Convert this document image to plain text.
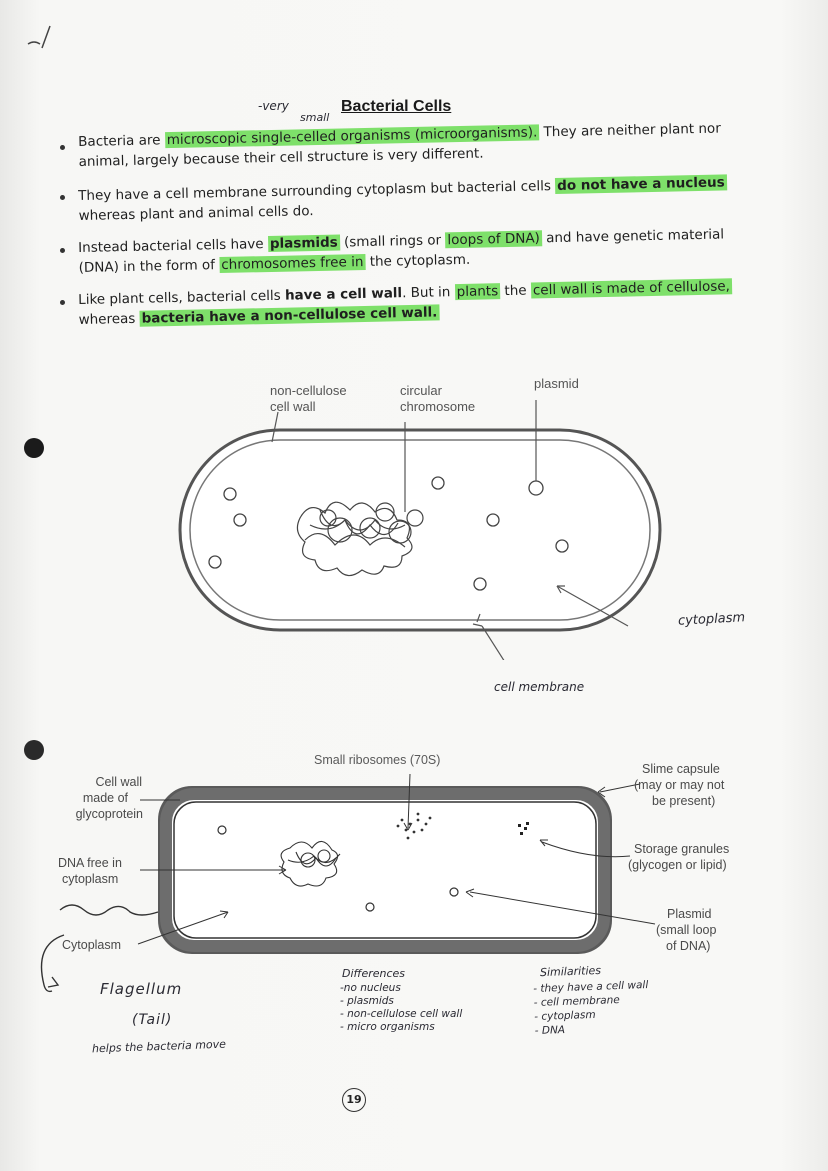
-very
small
Bacterial Cells
Bacteria are microscopic single-celled organisms (microorganisms). They are neither plant nor animal, largely because their cell structure is very different.
They have a cell membrane surrounding cytoplasm but bacterial cells do not have a nucleus whereas plant and animal cells do.
Instead bacterial cells have plasmids (small rings or loops of DNA) and have genetic material (DNA) in the form of chromosomes free in the cytoplasm.
Like plant cells, bacterial cells have a cell wall. But in plants the cell wall is made of cellulose, whereas bacteria have a non-cellulose cell wall.
non-cellulose
cell wall
circular
chromosome
plasmid
cytoplasm
cell membrane
Small ribosomes (70S)
Cell wall
made of
glycoprotein
DNA free in
cytoplasm
Cytoplasm
Slime capsule
(may or may not
be present)
Storage granules
(glycogen or lipid)
Plasmid
(small loop
of DNA)
Flagellum
(Tail)
helps the bacteria move
Differences
-no nucleus
- plasmids
- non-cellulose cell wall
- micro organisms
Similarities
- they have a cell wall
- cell membrane
- cytoplasm
- DNA
19
